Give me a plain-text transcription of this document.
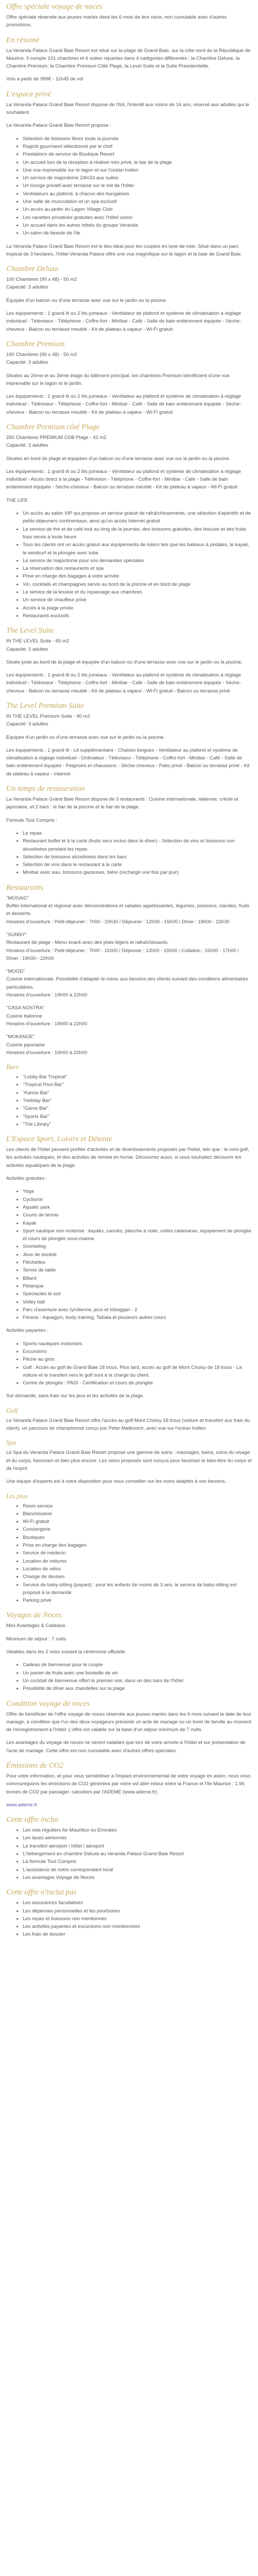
Offre spéciale voyage de noces

Offre spéciale réservée aux jeunes mariés dans les 6 mois de leur noce, non cumulable avec d'autres promotions.

En résumé

La Veranda Palace Grand Baie Resort est situé sur la plage de Grand Baie, sur la côte nord de la République de Maurice. Il compte 101 chambres et 6 suites réparties dans 4 catégories différentes : la Chambre Deluxe, la Chambre Premium, la Chambre Premium Côté Plage, la Level Suite et la Suite Presidentielle.

Vols à partir de 999€ - 11h45 de vol

L'espace privé

La Veranda Palace Grand Baie Resort dispose de l'Ilot, l'interdit aux moins de 16 ans, réservé aux adultes qui le souhaitent.

La Veranda Palace Grand Baie Resort propose :

• Sélection de boissons libres toute la journée
• Ragoût gourmand sélectionné par le chef
• Prestations de service de Boutique Resort
• Un accueil lors de la réception à réaliser très privé, le bar de la plage
• Une vue imprenable sur le lagon et sur l'océan Indien
• Un service de majordome 24h/24 aux suites
• Un lounge privatif avec terrasse sur le toit de l'hôtel
• Ventilateurs au plafond, à chacun des bungalows
• Une salle de musculation et un spa exclusif
• Un accès au jardin du Lagon Village Club
• Les navettes privatives gratuites avec l'hôtel voisin
• Un accueil dans les autres hôtels du groupe Veranda
• Un salon de beauté de l'ile

La Veranda Palace Grand Baie Resort est le lieu idéal pour les couples en lune de miel. Situé dans un parc tropical de 3 hectares, l'hôtel Veranda Palace offre une vue magnifique sur le lagon et la baie de Grand Baie.

Chambre Deluxe

100 Chambres (90 x 48) - 50 m2

Capacité: 3 adultes

Équipée d'un balcon ou d'une terrasse avec vue sur le jardin ou la piscine.

Les équipements : 1 grand lit ou 2 lits jumeaux - Ventilateur de plafond et système de climatisation à réglage individuel - Téléviseur - Téléphone - Coffre-fort - Minibar - Café - Salle de bain entièrement équipée - Sèche-cheveux - Balcon ou terrasse meublé - Kit de plateau à vapeur - Wi-Fi gratuit

Chambre Premium

190 Chambres (90 x 48) - 50 m2

Capacité: 3 adultes

Situées au 2ème et au 3ème étage du bâtiment principal, les chambres Premium bénéficient d'une vue imprenable sur le lagon et le jardin.

Les équipements : 1 grand lit ou 2 lits jumeaux - Ventilateur au plafond et système de climatisation à réglage individuel - Téléviseur - Téléphone - Coffre-fort - Minibar - Café - Salle de bain entièrement équipée - Sèche-cheveux - Balcon ou terrasse meublé - Kit de plateau à vapeur - Wi-Fi gratuit

Chambre Premium côté Plage

250 Chambres PREMIUM CDB Plage - 42 m2

Capacité: 3 adultes

Situées en bord de plage et équipées d'un balcon ou d'une terrasse avec vue sur le jardin ou la piscine.

Les équipements : 1 grand lit ou 2 lits jumeaux - Ventilateur au plafond et système de climatisation à réglage individuel - Accès direct à la plage - Télévision - Téléphone - Coffre-fort - Minibar - Café - Salle de bain entièrement équipée - Sèche-cheveux - Balcon ou terrasse meublé - Kit de plateau à vapeur - Wi-Fi gratuit

THE LIFE

• Un accès au salon VIP qui propose un service gratuit de rafraîchissements, une sélection d'apéritifs et de petits-déjeuners continentaux, ainsi qu'un accès Internet gratuit
• Le service de thé et de café tout au long de la journée, des boissons gratuites, des biscuits et des fruits frais servis à toute heure
• Tous les clients ont un accès gratuit aux équipements de loisirs tels que les bateaux à pédales, le kayak, le windsurf et la plongée avec tuba
• Le service de majordome pour vos demandes spéciales
• La réservation des restaurants et spa
• Prise en charge des bagages à votre arrivée
• Vin, cocktails et champagnes servis au bord de la piscine et en bord de plage
• Le service de la lessive et du repassage aux chambres
• Un service de chauffeur privé
• Accès à la plage privée
• Restaurants exclusifs
The Level Suite

IN THE LEVEL Suite - 65 m2

Capacité: 3 adultes

Située juste au bord de la plage et équipée d'un balcon ou d'une terrasse avec vue sur le jardin ou la piscine.

Les équipements : 1 grand lit ou 2 lits jumeaux - Ventilateur au plafond et système de climatisation à réglage individuel - Téléviseur - Téléphone - Coffre-fort - Minibar - Café - Salle de bain entièrement équipée - Sèche-cheveux - Balcon ou terrasse meublé - Kit de plateau à vapeur - Wi-Fi gratuit - Balcon ou terrasse privé

The Level Premium Suite

IN THE LEVEL Premium Suite - 90 m2

Capacité: 3 adultes

Équipée d'un jardin ou d'une terrasse avec vue sur le jardin ou la piscine.

Les équipements : 1 grand lit - Lit supplémentaire - Chaises longues - Ventilateur au plafond et système de climatisation à réglage individuel - Ordinateur - Téléviseur - Téléphone - Coffre-fort - Minibar - Café - Salle de bain entièrement équipée - Peignoirs et chaussons - Sèche-cheveux - Patio privé - Balcon ou terrasse privé - Kit de plateau à vapeur - Internet

Un temps de restauration

La Veranda Palace Grand Baie Resort dispose de 3 restaurants : Cuisine internationale, italienne, créole et japonaise, et 2 bars : le bar de la piscine et le bar de la plage.

Formule Tout Compris :

• Le repas
• Restaurant buffet et à la carte (fruits secs inclus dans le dîner) - Sélection de vins et boissons non alcoolisées pendant les repas
• Sélection de boissons alcoolisées dans les bars
• Sélection de vins dans le restaurant à la carte
• Minibar avec eau, boissons gazeuses, bière (rechargé une fois par jour)
Restaurants

"MOSAIC"

Buffet international et régional avec démonstrations et salades appétissantes, légumes, poissons, viandes, fruits et desserts.

Horaires d'ouverture : Petit-déjeuner : 7h00 - 10h30 / Déjeuner : 12h00 - 15h00 / Dîner : 19h00 - 22h30

"SUNNY"

Restaurant de plage - Menu snack avec des plats légers et rafraîchissants.

Horaires d'ouverture : Petit-déjeuner : 7h00 - 11h00 / Déjeuner : 12h00 - 15h00 / Collation : 15h00 - 17h00 / Dîner : 19h00 - 22h00

"MOOD"

Cuisine internationale. Possibilité d'adapter le menu aux besoins des clients suivant des conditions alimentaires particulières.

Horaires d'ouverture : 19h00 à 22h00

"CASA NOSTRA"

Cuisine italienne

Horaires d'ouverture : 19h00 à 22h00

"MOKANOE"

Cuisine japonaise

Horaires d'ouverture : 19h00 à 22h00

Bars
• "Lobby Bar Tropical"
• "Tropical Pool Bar"
• "Kanoo Bar"
• "Holiday Bar"
• "Game Bar"
• "Sports Bar"
• "The Library"
L'Espace Sport, Loisirs et Détente

Les clients de l'hôtel peuvent profiter d'activités et de divertissements proposés par l'hôtel, tels que : le mini-golf, les activités nautiques, et des activités de remise en forme. Découvrez aussi, si vous souhaitez découvrir les activités aquatiques de la plage.

Activités gratuites :

• Yoga
• Cyclisme
• Aquatic park
• Courts de tennis
• Kayak
• Sport nautique non motorisé : kayaks, canoës, planche à voile, voiles catamaran, équipement de plongée et cours de plongée sous-marine
• Snorkeling
• Jeux de société
• Fléchettes
• Tennis de table
• Billard
• Pétanque
• Spectacles le soir
• Volley ball
• Parc d'aventure avec tyrolienne, jeux et toboggan - 2
• Fitness : Aquagym, body training, Tabata et plusieurs autres cours

Activités payantes :

• Sports nautiques motorisés
• Excursions
• Pêche au gros
• Golf : Accès au golf de Grand Baie 18 trous. Plus tard, accès au golf de Mont Choisy de 18 trous - La voiture et le transfert vers le golf sont à la charge du client.
• Centre de plongée : PADI - Certification et cours de plongée

Sur demande, sans frais sur les jeux et les activités de la plage.

Golf

Le Veranda Palace Grand Baie Resort offre l'accès au golf Mont Choisy 18 trous (voiture et transfert aux frais du client), un parcours de championnat conçu par Peter Matkovich, avec vue sur l'océan Indien.

Spa

Le Spa du Veranda Palace Grand Baie Resort propose une gamme de soins : massages, bains, soins du visage et du corps, hammam et bien plus encore. Les soins proposés sont conçus pour favoriser le bien-être du corps et de l'esprit.

Une équipe d'experts est à votre disposition pour vous conseiller sur les soins adaptés à vos besoins.

Les plus
• Room service
• Blanchisserie
• Wi-Fi gratuit
• Conciergerie
• Boutiques
• Prise en charge des bagages
• Service de médecin
• Location de voitures
• Location de vélos
• Change de devises
• Service de baby-sitting (payant) : pour les enfants de moins de 3 ans, le service de baby-sitting est proposé à la demande
• Parking privé
Voyages de Noces

Mes Avantages & Cadeaux

Minimum de séjour : 7 nuits

Valables dans les 2 mois suivant la cérémonie officielle

• Cadeau de bienvenue pour le couple
• Un panier de fruits avec une bouteille de vin
• Un cocktail de bienvenue offert le premier soir, dans un des bars de l'hôtel
• Possibilité de dîner aux chandelles sur la plage
Condition voyage de noces

Offre de bénéficier de l'offre voyage de noces réservée aux jeunes mariés dans les 6 mois suivant la date de leur mariage, à condition que l'un des deux voyageurs présente un acte de mariage ou un livret de famille au moment de l'enregistrement à l'hôtel. L'offre est valable sur la base d'un séjour minimum de 7 nuits.

Les avantages du voyage de noces ne seront valables que lors de votre arrivée à l'hôtel et sur présentation de l'acte de mariage. Cette offre est non cumulable avec d'autres offres spéciales.

Émissions de CO2

Pour votre information, et pour vous sensibiliser à l'impact environnemental de votre voyage en avion, nous vous communiquons les émissions de CO2 générées par votre vol aller-retour entre la France et l'île Maurice : 1.96 tonnes de CO2 par passager, calculées par l'ADEME (www.ademe.fr).

www.ademe.fr

Cette offre inclut
• Les vols réguliers Air Mauritius ou Emirates
• Les taxes aériennes
• Le transfert aéroport / hôtel / aéroport
• L'hébergement en chambre Deluxe au Veranda Palace Grand Baie Resort
• La formule Tout Compris
• L'assistance de notre correspondant local
• Les avantages Voyage de Noces
Cette offre n'inclut pas
• Les assurances facultatives
• Les dépenses personnelles et les pourboires
• Les repas et boissons non mentionnés
• Les activités payantes et excursions non mentionnées
• Les frais de dossier
